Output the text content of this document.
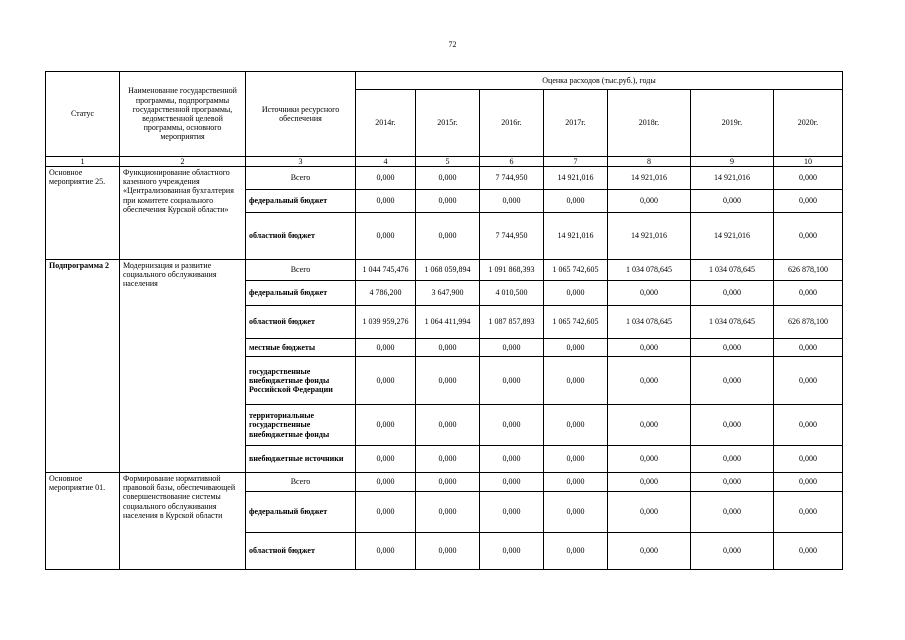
72
Статус	Наименование государственной программы, подпрограммы государственной программы, ведомственной целевой программы, основного мероприятия	Источники ресурсного обеспечения	Оценка расходов (тыс.руб.), годы						
			2014г.	2015г.	2016г.	2017г.	2018г.	2019г.	2020г.
1	2	3	4	5	6	7	8	9	10
Основное мероприятие 25.	Функционирование областного казенного учреждения «Централизованная бухгалтерия при комитете социального обеспечения Курской области»	Всего	0,000	0,000	7 744,950	14 921,016	14 921,016	14 921,016	0,000
		федеральный бюджет	0,000	0,000	0,000	0,000	0,000	0,000	0,000
		областной бюджет	0,000	0,000	7 744,950	14 921,016	14 921,016	14 921,016	0,000
Подпрограмма 2	Модернизация и развитие социального обслуживания населения	Всего	1 044 745,476	1 068 059,894	1 091 868,393	1 065 742,605	1 034 078,645	1 034 078,645	626 878,100
		федеральный бюджет	4 786,200	3 647,900	4 010,500	0,000	0,000	0,000	0,000
		областной бюджет	1 039 959,276	1 064 411,994	1 087 857,893	1 065 742,605	1 034 078,645	1 034 078,645	626 878,100
		местные бюджеты	0,000	0,000	0,000	0,000	0,000	0,000	0,000
		государственные внебюджетные фонды Российской Федерации	0,000	0,000	0,000	0,000	0,000	0,000	0,000
		территориальные государственные внебюджетные фонды	0,000	0,000	0,000	0,000	0,000	0,000	0,000
		внебюджетные источники	0,000	0,000	0,000	0,000	0,000	0,000	0,000
Основное мероприятие 01.	Формирование нормативной правовой базы, обеспечивающей совершенствование системы социального обслуживания населения в Курской области	Всего	0,000	0,000	0,000	0,000	0,000	0,000	0,000
		федеральный бюджет	0,000	0,000	0,000	0,000	0,000	0,000	0,000
		областной бюджет	0,000	0,000	0,000	0,000	0,000	0,000	0,000
